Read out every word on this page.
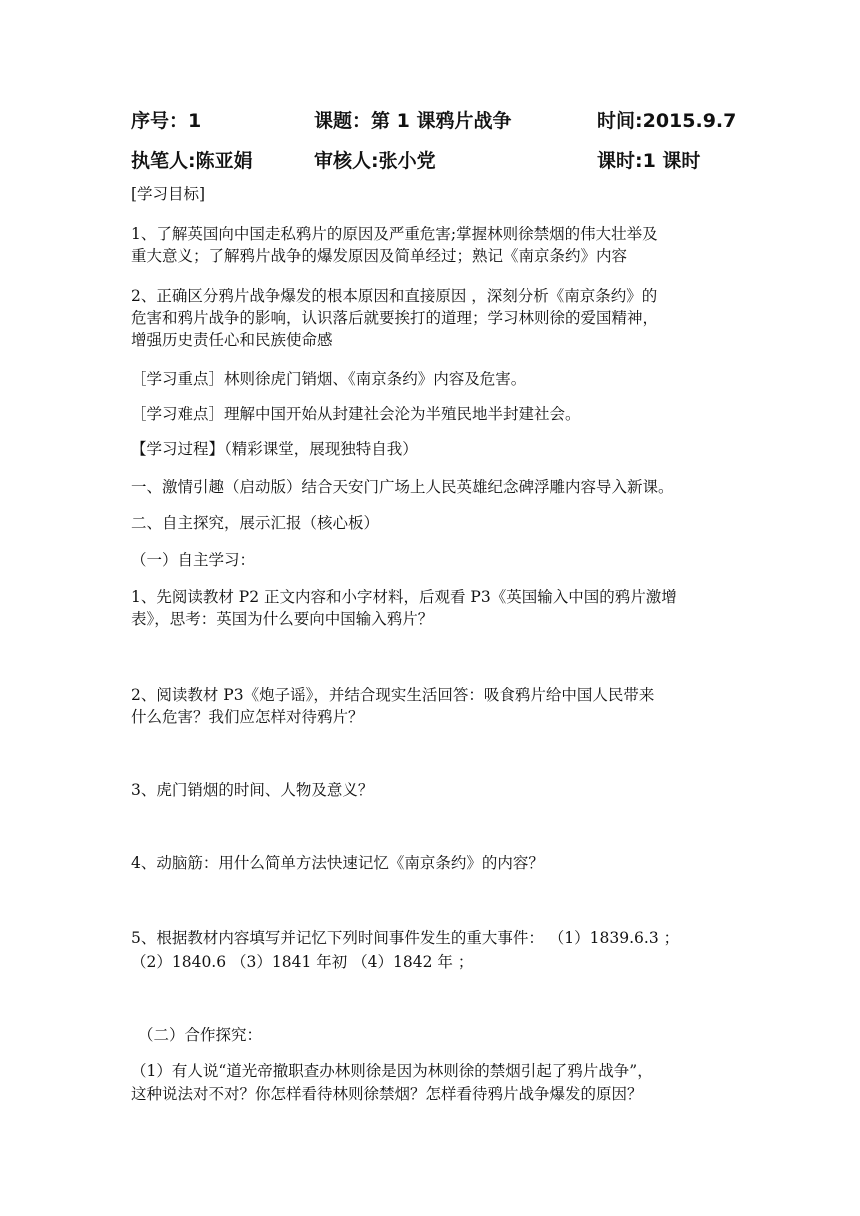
序号：1	课题：第 1 课鸦片战争	时间:2015.9.7
执笔人:陈亚娟	审核人:张小党	课时:1 课时
[学习目标]
1、了解英国向中国走私鸦片的原因及严重危害;掌握林则徐禁烟的伟大壮举及
重大意义；了解鸦片战争的爆发原因及简单经过；熟记《南京条约》内容
2、正确区分鸦片战争爆发的根本原因和直接原因 ，深刻分析《南京条约》的
危害和鸦片战争的影响，认识落后就要挨打的道理；学习林则徐的爱国精神，
增强历史责任心和民族使命感
［学习重点］林则徐虎门销烟、《南京条约》内容及危害。
［学习难点］理解中国开始从封建社会沦为半殖民地半封建社会。
【学习过程】（精彩课堂，展现独特自我）
一、激情引趣（启动版）结合天安门广场上人民英雄纪念碑浮雕内容导入新课。
二、自主探究，展示汇报（核心板）
（一）自主学习：
1、先阅读教材 P2 正文内容和小字材料，后观看 P3《英国输入中国的鸦片激增
表》，思考：英国为什么要向中国输入鸦片？
2、阅读教材 P3《炮子谣》，并结合现实生活回答：吸食鸦片给中国人民带来
什么危害？我们应怎样对待鸦片？
3、虎门销烟的时间、人物及意义？
4、动脑筋：用什么简单方法快速记忆《南京条约》的内容？
5、根据教材内容填写并记忆下列时间事件发生的重大事件： （1）1839.6.3 ；
（2）1840.6 （3）1841 年初 （4）1842 年 ；
（二）合作探究：
（1）有人说“道光帝撤职查办林则徐是因为林则徐的禁烟引起了鸦片战争”，
这种说法对不对？你怎样看待林则徐禁烟？怎样看待鸦片战争爆发的原因？
